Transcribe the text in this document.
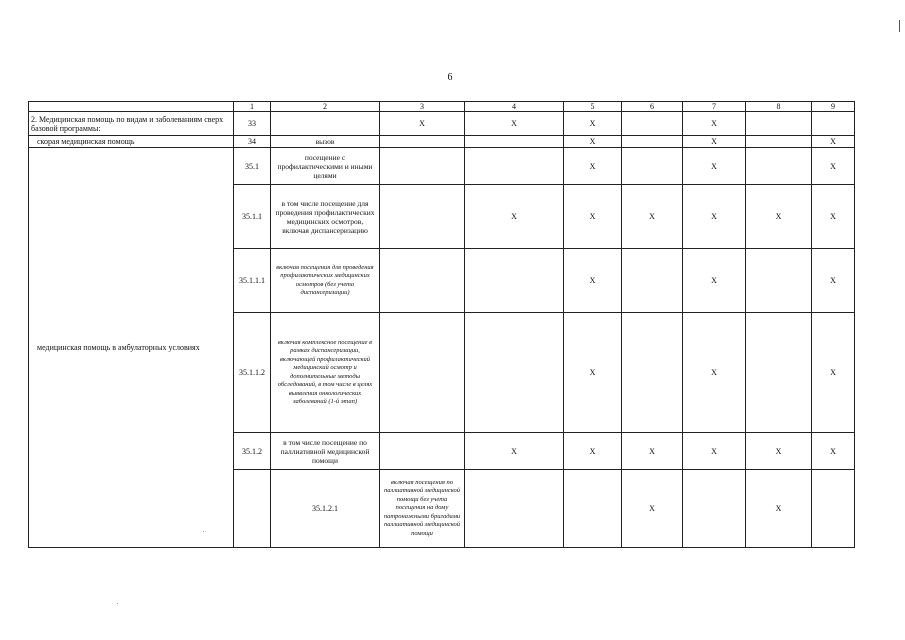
6
	1	2	3	4	5	6	7	8	9	
2. Медицинская помощь по видам и заболеваниям сверх базовой программы:	33		X	X	X		X			
скорая медицинская помощь	34	вызов			X		X		X	
медицинская помощь в амбулаторных условиях	35.1	посещение с профилактическими и иными целями			X		X		X	
	35.1.1	в том числе посещение для проведения профилактических медицинских осмотров, включая диспансеризацию		X	X	X	X	X	X	
	35.1.1.1	включая посещения для проведения профилактических медицинских осмотров (без учета диспансеризации)			X		X		X	
	35.1.1.2	включая комплексное посещение в рамках диспансеризации, включающей профилактический медицинский осмотр и дополнительные методы обследований, в том числе в целях выявления онкологических заболеваний (1-й этап)			X		X		X	
	35.1.2	в том числе посещение по паллиативной медицинской помощи		X	X	X	X	X	X	
		35.1.2.1	включая посещения по паллиативной медицинской помощи без учета посещения на дому патронажными бригадами паллиативной медицинской помощи			X		X		
